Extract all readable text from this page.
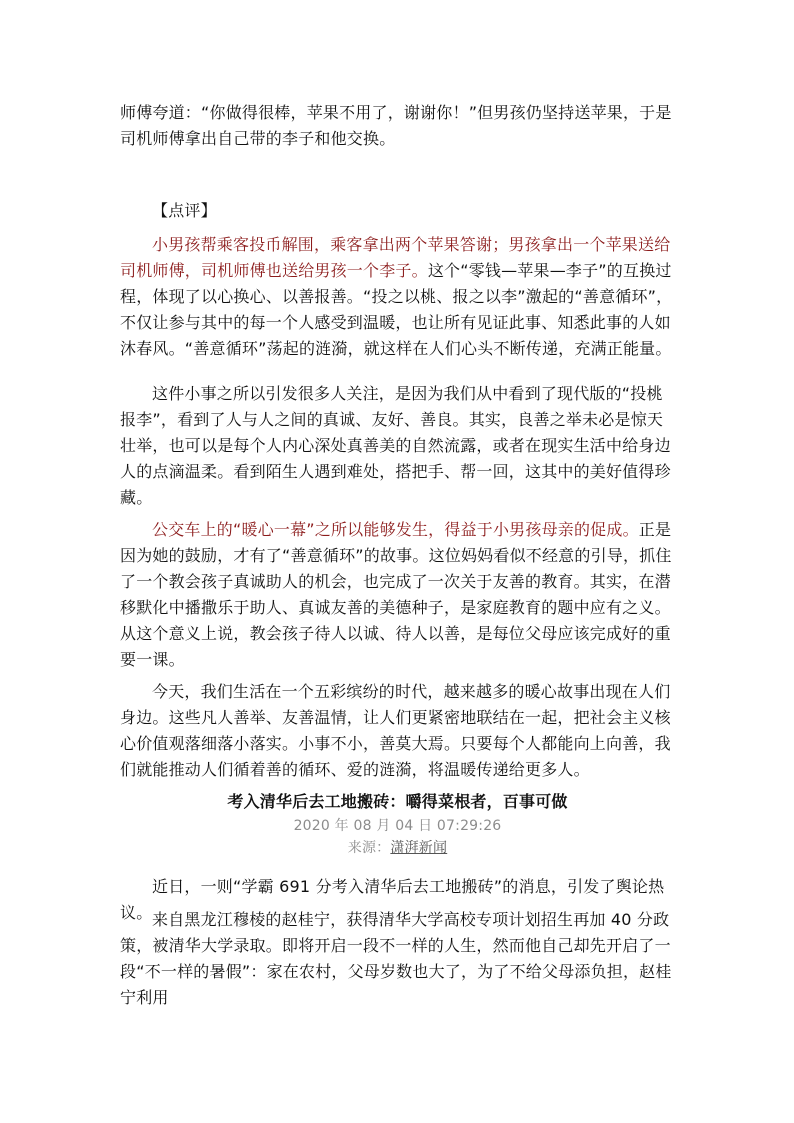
师傅夸道：“你做得很棒，苹果不用了，谢谢你！”但男孩仍坚持送苹果，于是司机师傅拿出自己带的李子和他交换。

【点评】

小男孩帮乘客投币解围，乘客拿出两个苹果答谢；男孩拿出一个苹果送给司机师傅，司机师傅也送给男孩一个李子。这个“零钱—苹果—李子”的互换过程，体现了以心换心、以善报善。“投之以桃、报之以李”激起的“善意循环”，不仅让参与其中的每一个人感受到温暖，也让所有见证此事、知悉此事的人如沐春风。“善意循环”荡起的涟漪，就这样在人们心头不断传递，充满正能量。

这件小事之所以引发很多人关注，是因为我们从中看到了现代版的“投桃报李”，看到了人与人之间的真诚、友好、善良。其实，良善之举未必是惊天壮举，也可以是每个人内心深处真善美的自然流露，或者在现实生活中给身边人的点滴温柔。看到陌生人遇到难处，搭把手、帮一回，这其中的美好值得珍藏。

公交车上的“暖心一幕”之所以能够发生，得益于小男孩母亲的促成。正是因为她的鼓励，才有了“善意循环”的故事。这位妈妈看似不经意的引导，抓住了一个教会孩子真诚助人的机会，也完成了一次关于友善的教育。其实，在潜移默化中播撒乐于助人、真诚友善的美德种子，是家庭教育的题中应有之义。从这个意义上说，教会孩子待人以诚、待人以善，是每位父母应该完成好的重要一课。

今天，我们生活在一个五彩缤纷的时代，越来越多的暖心故事出现在人们身边。这些凡人善举、友善温情，让人们更紧密地联结在一起，把社会主义核心价值观落细落小落实。小事不小，善莫大焉。只要每个人都能向上向善，我们就能推动人们循着善的循环、爱的涟漪，将温暖传递给更多人。

考入清华后去工地搬砖：嚼得菜根者，百事可做

2020 年 08 月 04 日 07:29:26

来源：潇湃新闻

近日，一则“学霸 691 分考入清华后去工地搬砖”的消息，引发了舆论热议。 来自黑龙江穆棱的赵桂宁，获得清华大学高校专项计划招生再加 40 分政策，被清华大学录取。即将开启一段不一样的人生，然而他自己却先开启了一段“不一样的暑假”：家在农村，父母岁数也大了，为了不给父母添负担，赵桂宁利用
